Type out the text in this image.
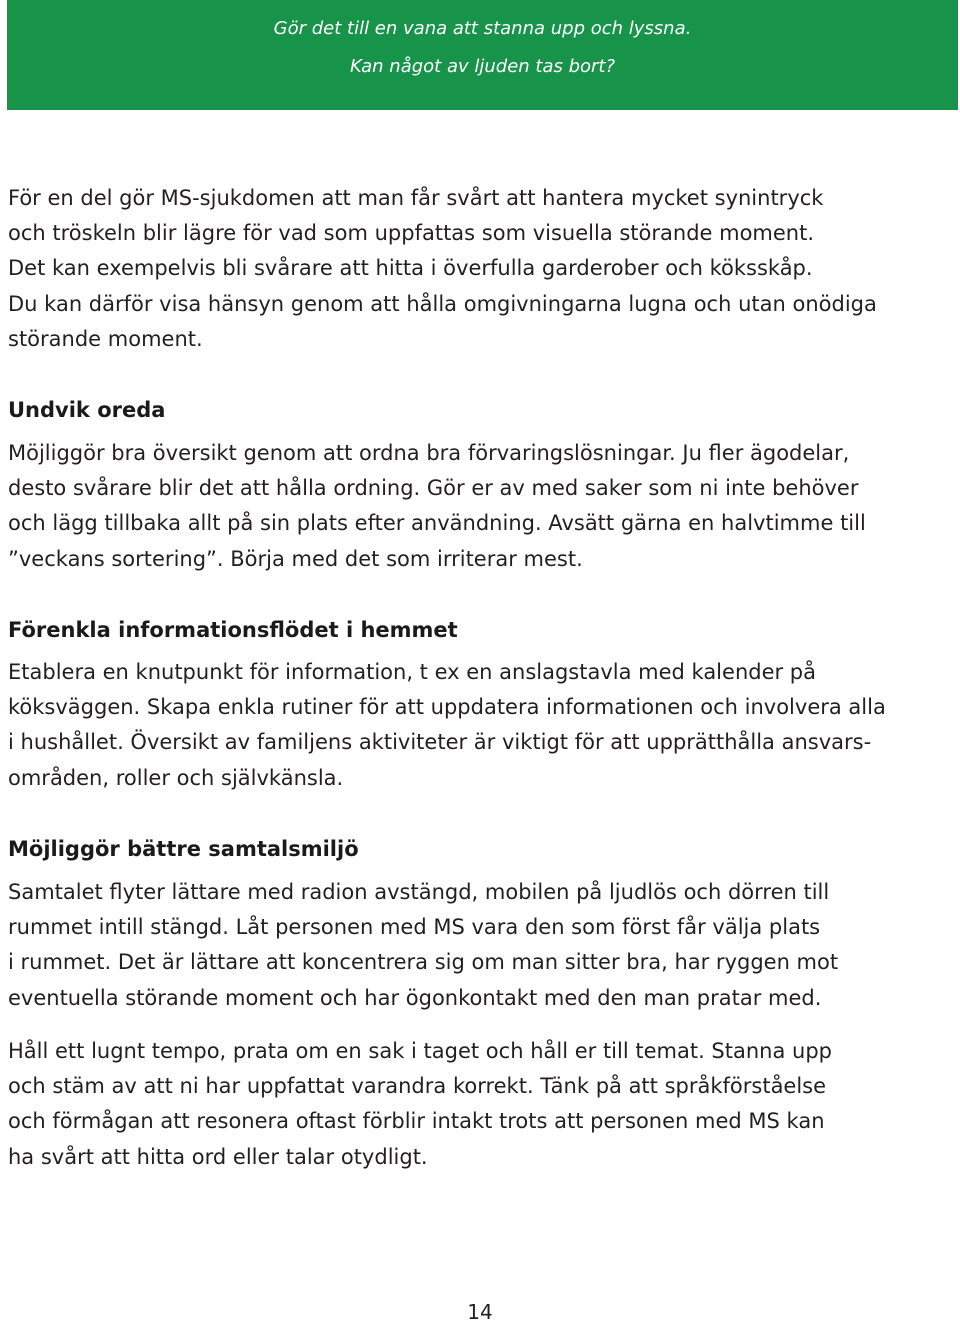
Gör det till en vana att stanna upp och lyssna.
Kan något av ljuden tas bort?
För en del gör MS-sjukdomen att man får svårt att hantera mycket synintryck
och tröskeln blir lägre för vad som uppfattas som visuella störande moment.
Det kan exempelvis bli svårare att hitta i överfulla garderober och köksskåp.
Du kan därför visa hänsyn genom att hålla omgivningarna lugna och utan onödiga
störande moment.
Undvik oreda
Möjliggör bra översikt genom att ordna bra förvaringslösningar. Ju fler ägodelar,
desto svårare blir det att hålla ordning. Gör er av med saker som ni inte behöver
och lägg tillbaka allt på sin plats efter användning. Avsätt gärna en halvtimme till
”veckans sortering”. Börja med det som irriterar mest.
Förenkla informationsflödet i hemmet
Etablera en knutpunkt för information, t ex en anslagstavla med kalender på
köksväggen. Skapa enkla rutiner för att uppdatera informationen och involvera alla
i hushållet. Översikt av familjens aktiviteter är viktigt för att upprätthålla ansvars-
områden, roller och självkänsla.
Möjliggör bättre samtalsmiljö
Samtalet flyter lättare med radion avstängd, mobilen på ljudlös och dörren till
rummet intill stängd. Låt personen med MS vara den som först får välja plats
i rummet. Det är lättare att koncentrera sig om man sitter bra, har ryggen mot
eventuella störande moment och har ögonkontakt med den man pratar med.
Håll ett lugnt tempo, prata om en sak i taget och håll er till temat. Stanna upp
och stäm av att ni har uppfattat varandra korrekt. Tänk på att språkförståelse
och förmågan att resonera oftast förblir intakt trots att personen med MS kan
ha svårt att hitta ord eller talar otydligt.
14
